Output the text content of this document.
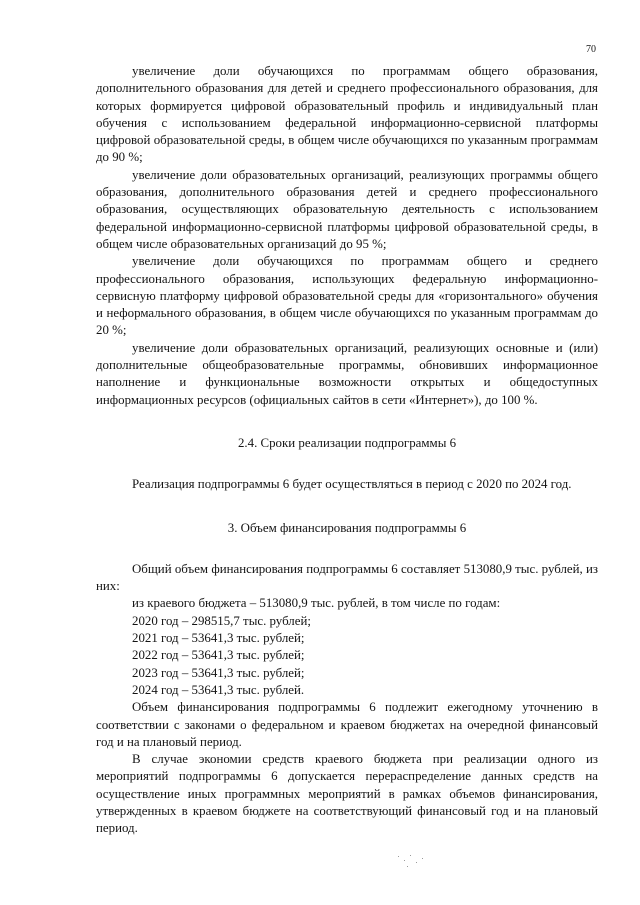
70

увеличение доли обучающихся по программам общего образования, дополнительного образования для детей и среднего профессионального образования, для которых формируется цифровой образовательный профиль и индивидуальный план обучения с использованием федеральной информационно-сервисной платформы цифровой образовательной среды, в общем числе обучающихся по указанным программам до 90 %;

увеличение доли образовательных организаций, реализующих программы общего образования, дополнительного образования детей и среднего профессионального образования, осуществляющих образовательную деятельность с использованием федеральной информационно-сервисной платформы цифровой образовательной среды, в общем числе образовательных организаций до 95 %;

увеличение доли обучающихся по программам общего и среднего профессионального образования, использующих федеральную информационно-сервисную платформу цифровой образовательной среды для «горизонтального» обучения и неформального образования, в общем числе обучающихся по указанным программам до 20 %;

увеличение доли образовательных организаций, реализующих основные и (или) дополнительные общеобразовательные программы, обновивших информационное наполнение и функциональные возможности открытых и общедоступных информационных ресурсов (официальных сайтов в сети «Интернет»), до 100 %.

2.4. Сроки реализации подпрограммы 6

Реализация подпрограммы 6 будет осуществляться в период с 2020 по 2024 год.

3. Объем финансирования подпрограммы 6

Общий объем финансирования подпрограммы 6 составляет 513080,9 тыс. рублей, из них:

из краевого бюджета – 513080,9 тыс. рублей, в том числе по годам:

2020 год – 298515,7 тыс. рублей;

2021 год – 53641,3 тыс. рублей;

2022 год – 53641,3 тыс. рублей;

2023 год – 53641,3 тыс. рублей;

2024 год – 53641,3 тыс. рублей.

Объем финансирования подпрограммы 6 подлежит ежегодному уточнению в соответствии с законами о федеральном и краевом бюджетах на очередной финансовый год и на плановый период.

В случае экономии средств краевого бюджета при реализации одного из мероприятий подпрограммы 6 допускается перераспределение данных средств на осуществление иных программных мероприятий в рамках объемов финансирования, утвержденных в краевом бюджете на соответствующий финансовый год и на плановый период.
